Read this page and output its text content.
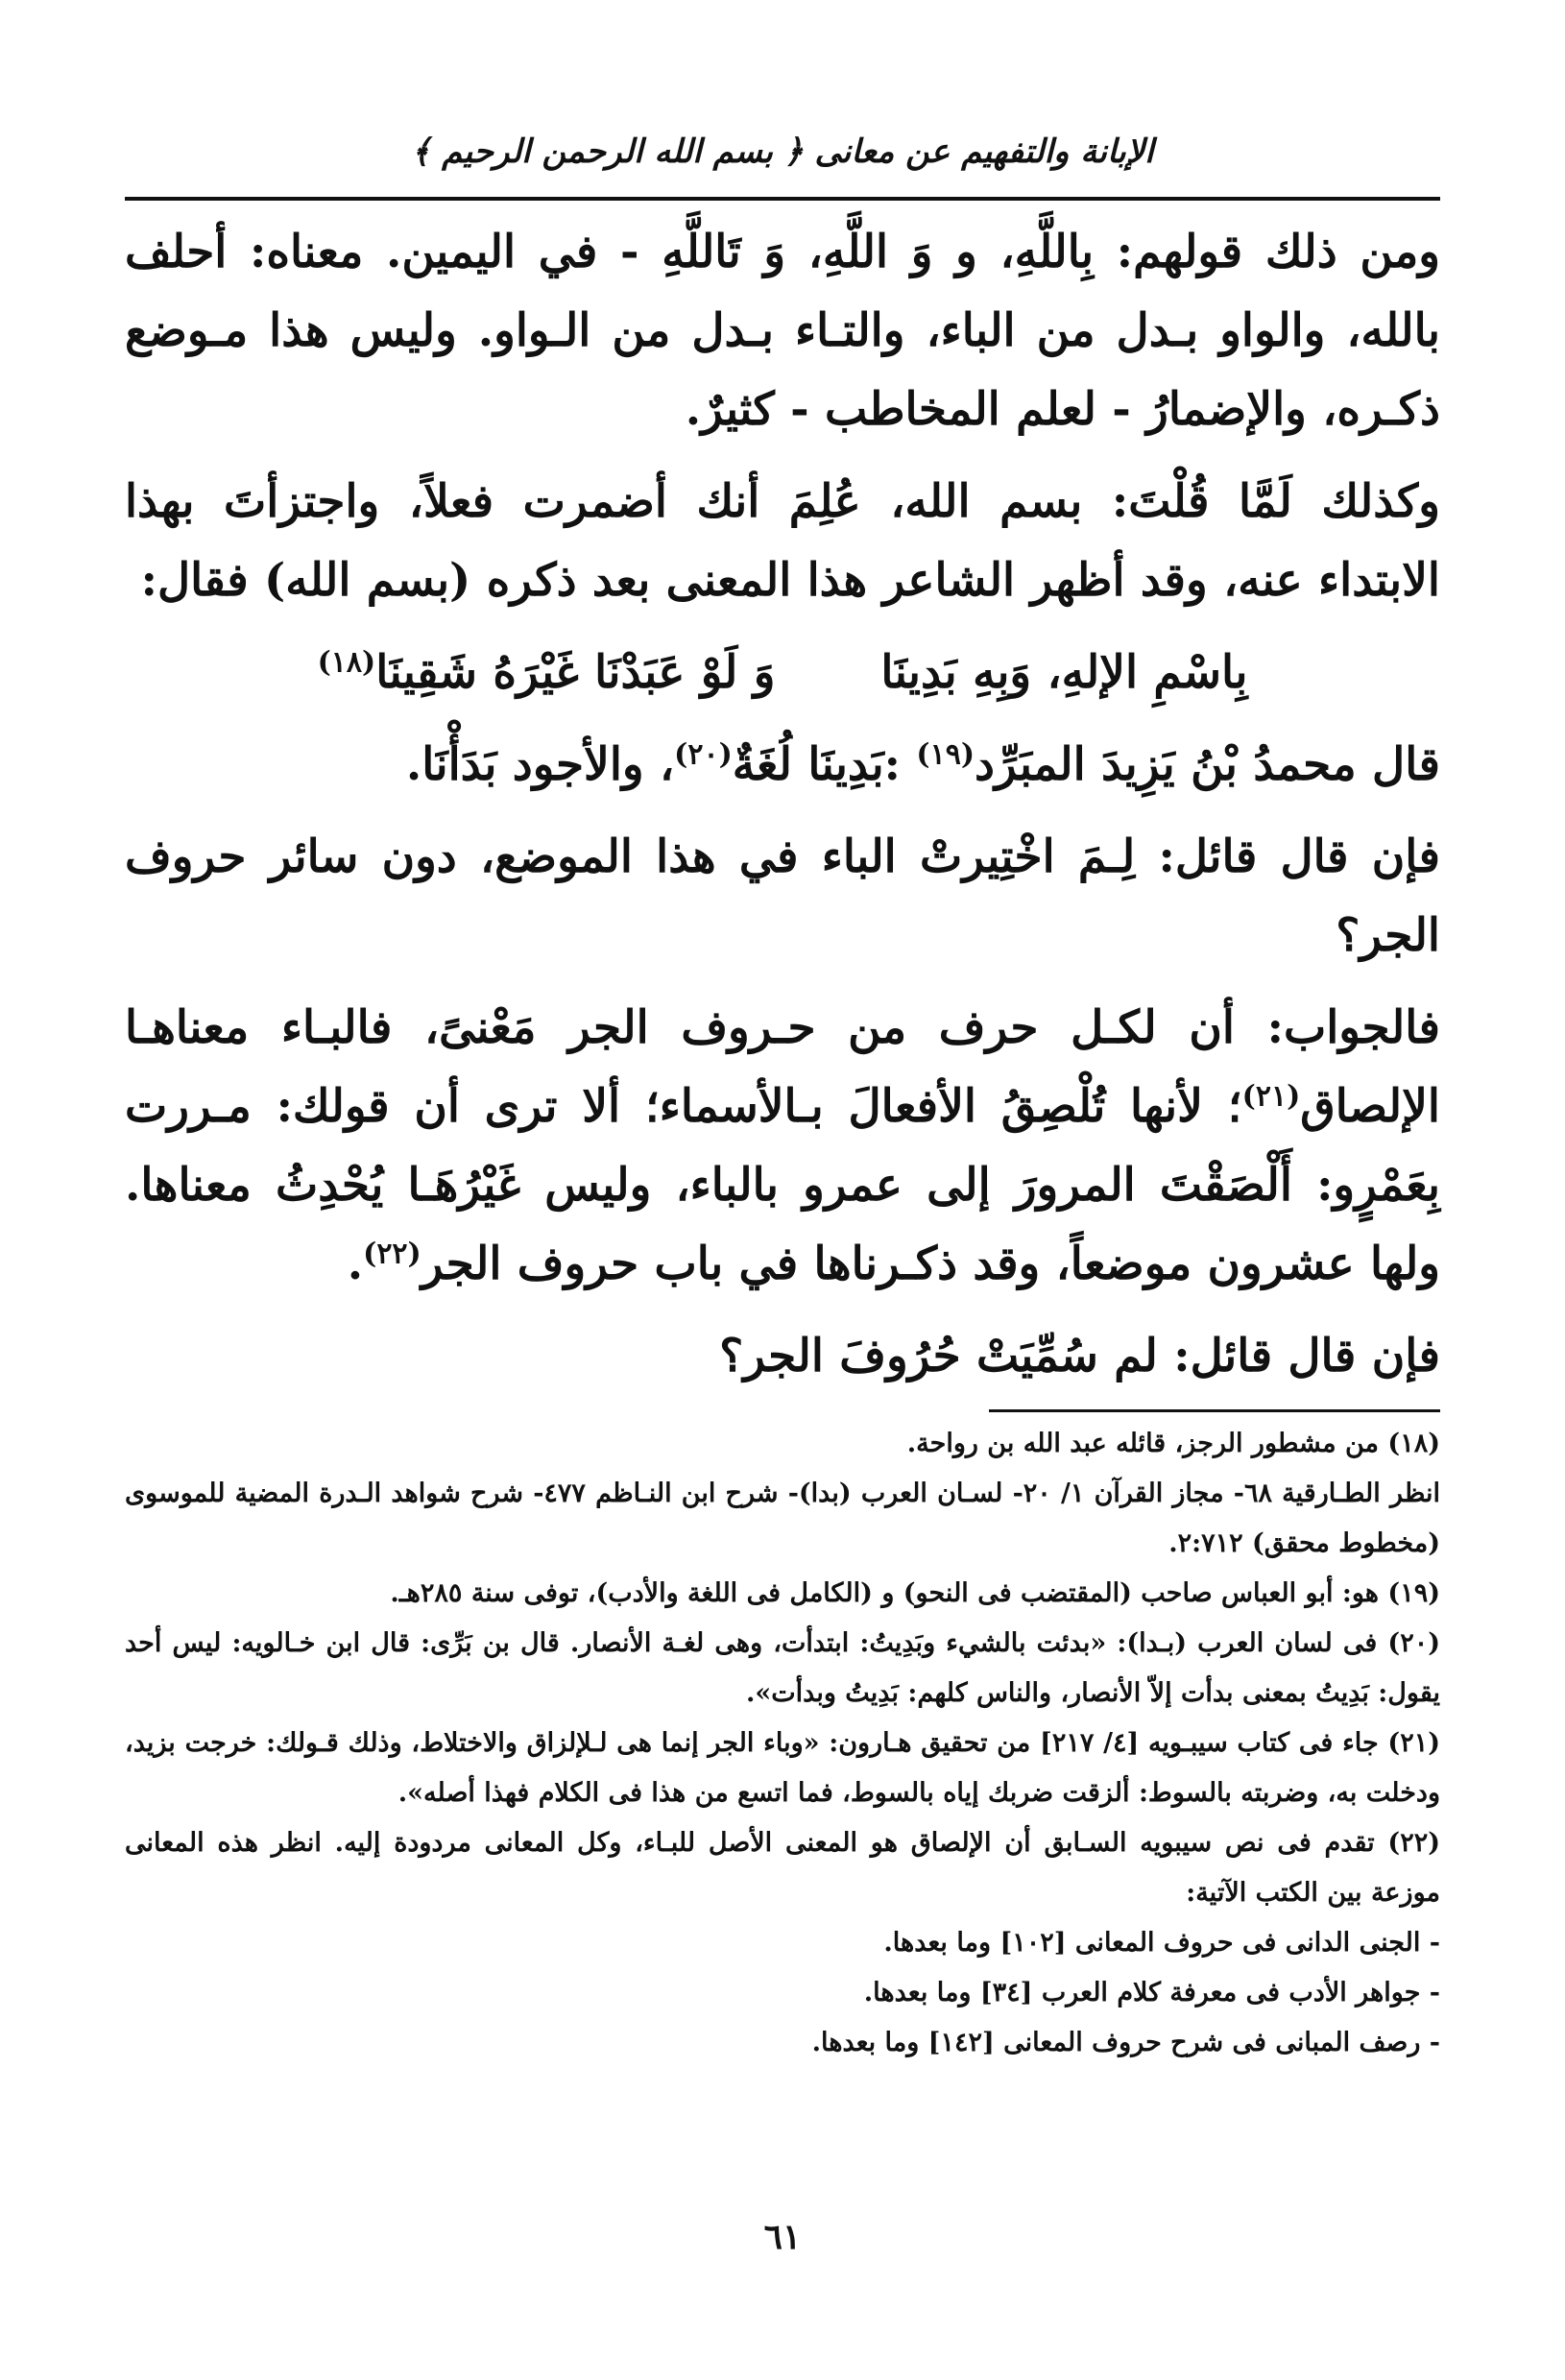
الإبانة والتفهيم عن معانى ﴿ بسم الله الرحمن الرحيم ﴾

ومن ذلك قولهم: بِاللَّهِ، و وَ اللَّهِ، وَ تَاللَّهِ - في اليمين. معناه: أحلف بالله، والواو بـدل من الباء، والتـاء بـدل من الـواو. وليس هذا مـوضع ذكـره، والإضمارُ - لعلم المخاطب - كثيرٌ.

وكذلك لَمَّا قُلْتَ: بسم الله، عُلِمَ أنك أضمرت فعلاً، واجتزأتَ بهذا الابتداء عنه، وقد أظهر الشاعر هذا المعنى بعد ذكره (بسم الله) فقال:

بِاسْمِ الإلهِ، وَبِهِ بَدِينَا
وَ لَوْ عَبَدْنَا غَيْرَهُ شَقِينَا$^{(١٨)}$

قال محمدُ بْنُ يَزِيدَ المبَرِّد$^{(١٩)}$ :بَدِينَا لُغَةٌ$^{(٢٠)}$، والأجود بَدَأْنَا.

فإن قال قائل: لِـمَ اخْتِيرتْ الباء في هذا الموضع، دون سائر حروف الجر؟

فالجواب: أن لكـل حرف من حـروف الجر مَعْنىً، فالبـاء معناهـا الإلصاق$^{(٢١)}$؛ لأنها تُلْصِقُ الأفعالَ بـالأسماء؛ ألا ترى أن قولك: مـررت بِعَمْرٍو: أَلْصَقْتَ المرورَ إلى عمرو بالباء، وليس غَيْرُهَـا يُحْدِثُ معناها. ولها عشرون موضعاً، وقد ذكـرناها في باب حروف الجر$^{(٢٢)}$.

فإن قال قائل: لم سُمِّيَتْ حُرُوفَ الجر؟

(١٨) من مشطور الرجز، قائله عبد الله بن رواحة.

انظر الطـارقية ٦٨- مجاز القرآن ١/ ٢٠- لسـان العرب (بدا)- شرح ابن النـاظم ٤٧٧- شرح شواهد الـدرة المضية للموسوى (مخطوط محقق) ٢:٧١٢.

(١٩) هو: أبو العباس صاحب (المقتضب فى النحو) و (الكامل فى اللغة والأدب)، توفى سنة ٢٨٥هـ.

(٢٠) فى لسان العرب (بـدا): «بدئت بالشيء وبَدِيتُ: ابتدأت، وهى لغـة الأنصار. قال بن بَرِّى: قال ابن خـالويه: ليس أحد يقول: بَدِيتُ بمعنى بدأت إلاّ الأنصار، والناس كلهم: بَدِيتُ وبدأت».

(٢١) جاء فى كتاب سيبـويه [٤/ ٢١٧] من تحقيق هـارون: «وباء الجر إنما هى لـلإلزاق والاختلاط، وذلك قـولك: خرجت بزيد، ودخلت به، وضربته بالسوط: ألزقت ضربك إياه بالسوط، فما اتسع من هذا فى الكلام فهذا أصله».

(٢٢) تقدم فى نص سيبويه السـابق أن الإلصاق هو المعنى الأصل للبـاء، وكل المعانى مردودة إليه. انظر هذه المعانى موزعة بين الكتب الآتية:

- الجنى الدانى فى حروف المعانى [١٠٢] وما بعدها.

- جواهر الأدب فى معرفة كلام العرب [٣٤] وما بعدها.

- رصف المبانى فى شرح حروف المعانى [١٤٢] وما بعدها.

٦١
